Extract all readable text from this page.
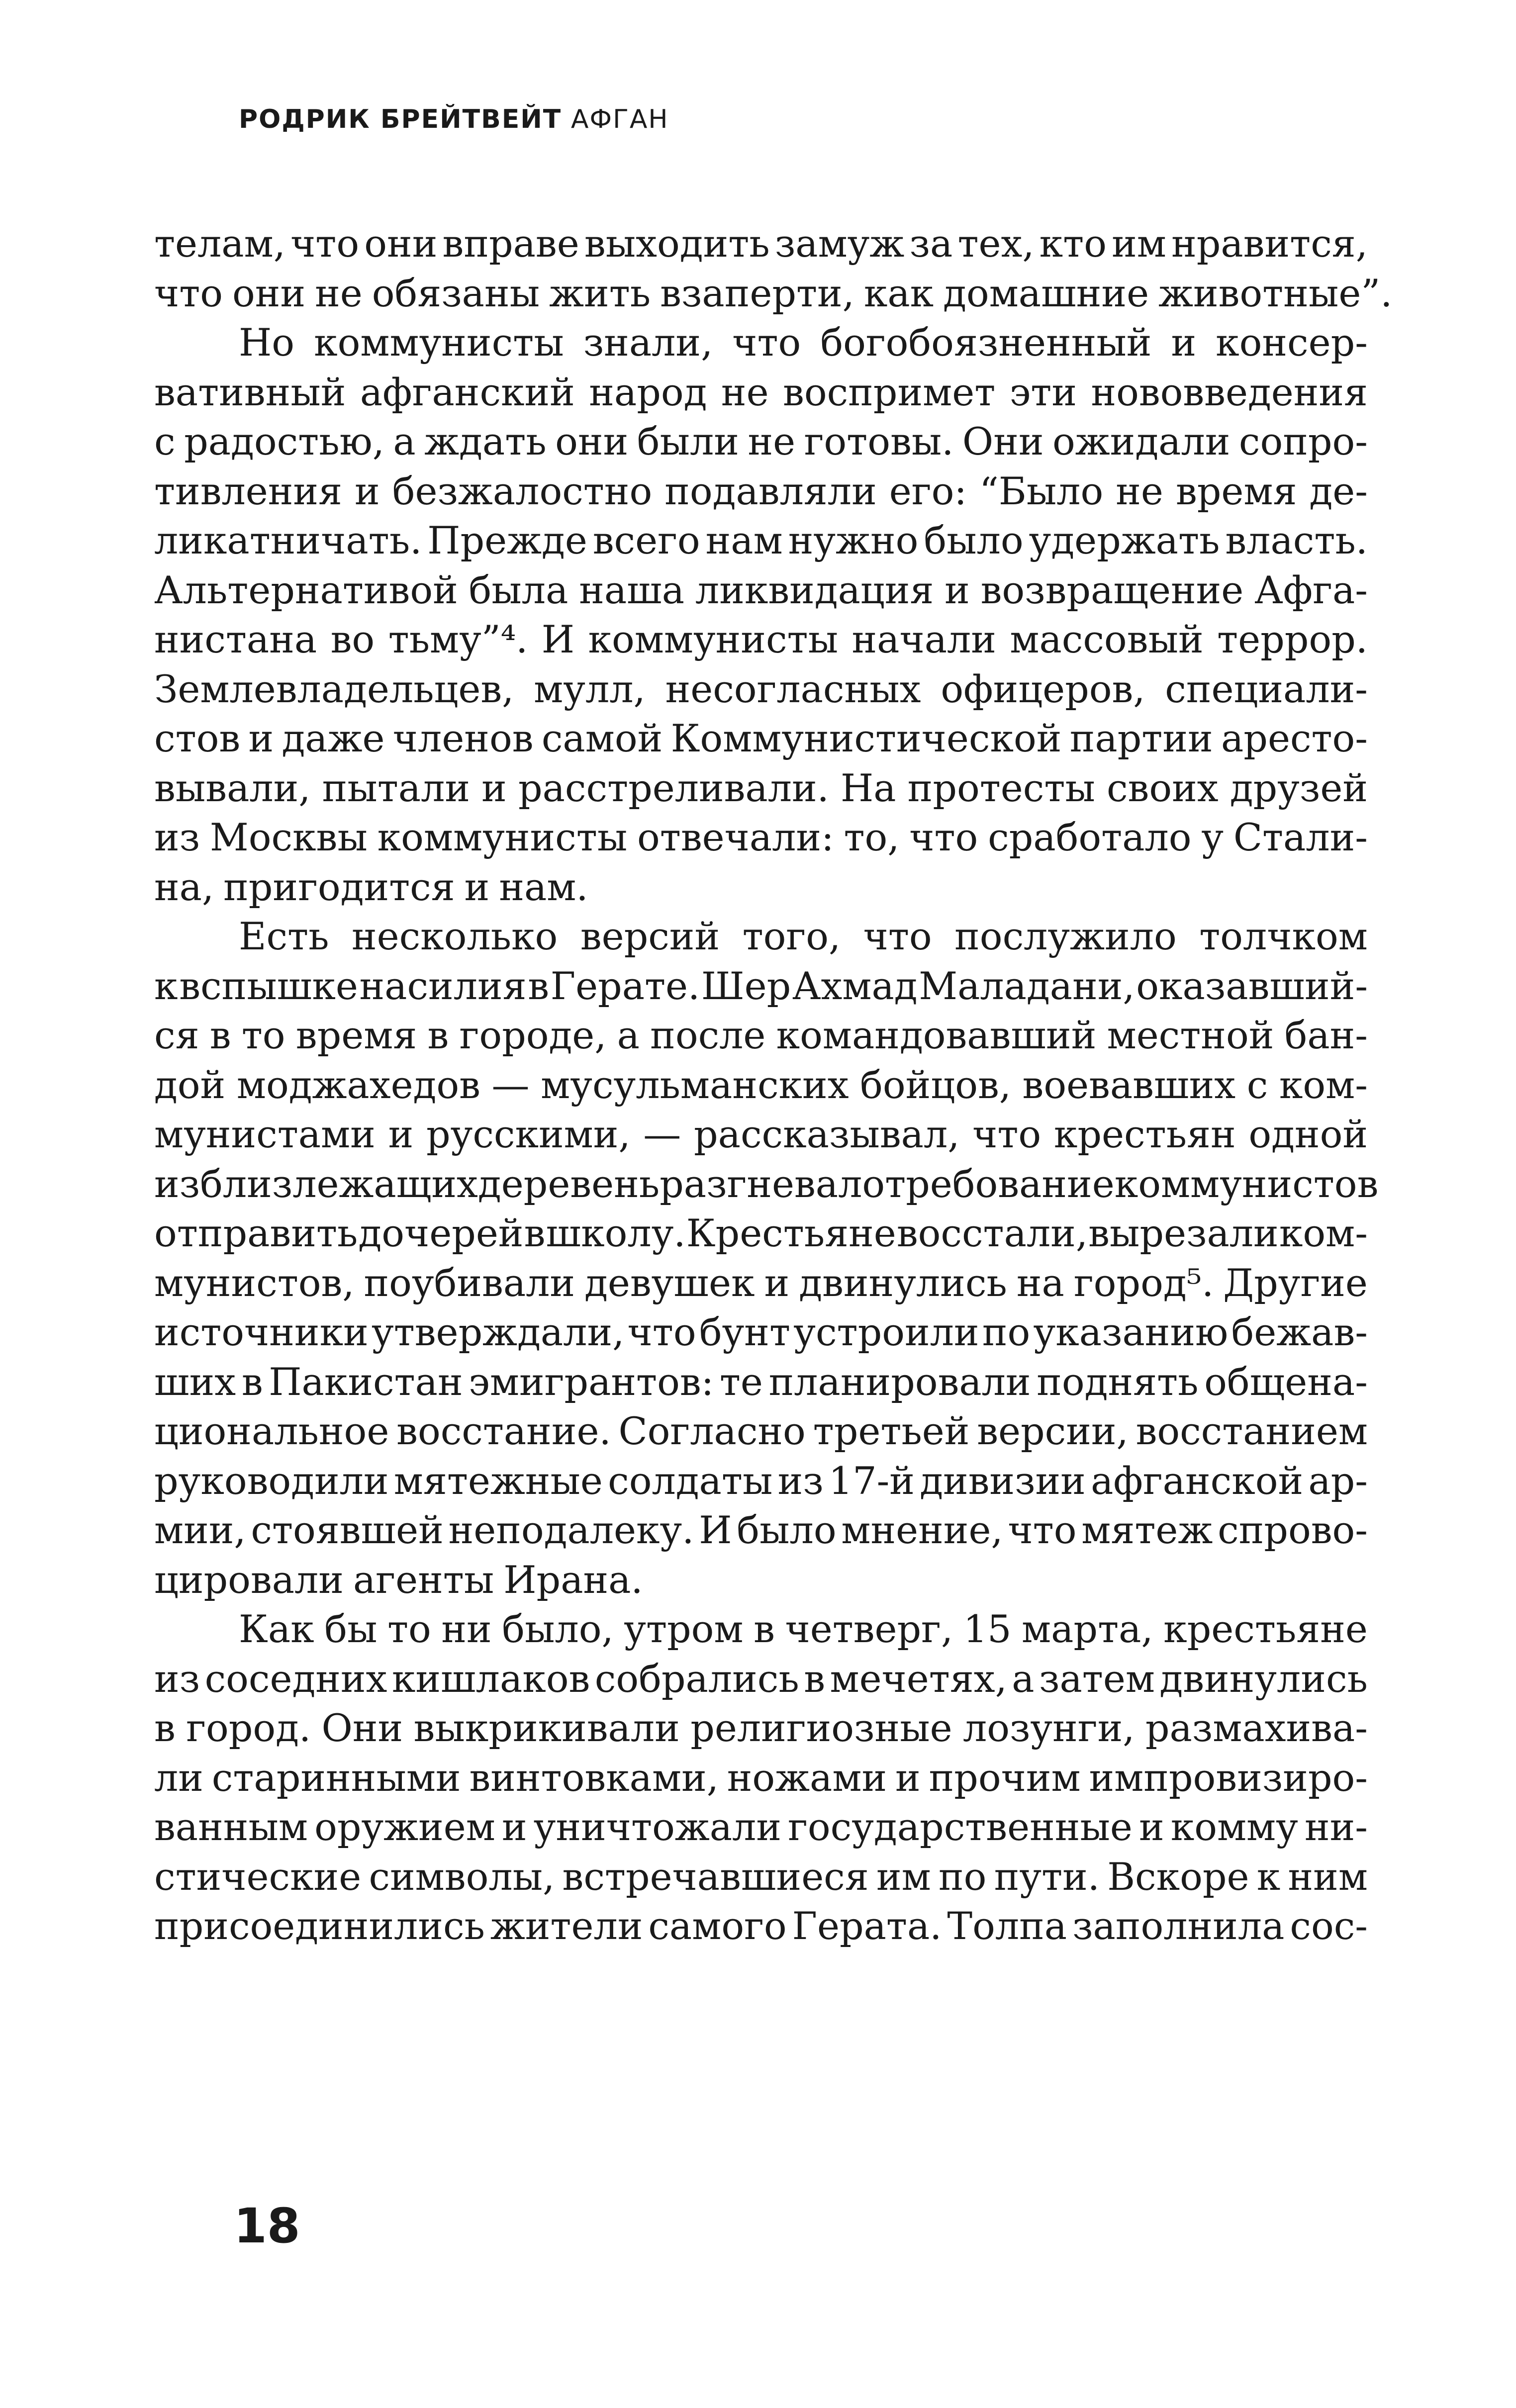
РОДРИК БРЕЙТВЕЙТ АФГАН
телам, что они вправе выходить замуж за тех, кто им нравится,
что они не обязаны жить взаперти, как домашние животные”.
Но коммунисты знали, что богобоязненный и консер-
вативный афганский народ не воспримет эти нововведения
с радостью, а ждать они были не готовы. Они ожидали сопро-
тивления и безжалостно подавляли его: “Было не время де-
ликатничать. Прежде всего нам нужно было удержать власть.
Альтернативой была наша ликвидация и возвращение Афга-
нистана во тьму”⁴. И коммунисты начали массовый террор.
Землевладельцев, мулл, несогласных офицеров, специали-
стов и даже членов самой Коммунистической партии аресто-
вывали, пытали и расстреливали. На протесты своих друзей
из Москвы коммунисты отвечали: то, что сработало у Стали-
на, пригодится и нам.
Есть несколько версий того, что послужило толчком
к вспышке насилия в Герате. Шер Ахмад Маладани, оказавший-
ся в то время в городе, а после командовавший местной бан-
дой моджахедов — мусульманских бойцов, воевавших с ком-
мунистами и русскими, — рассказывал, что крестьян одной
из близлежащих деревень разгневало требование коммунистов
отправить дочерей в школу. Крестьяне восстали, вырезали ком-
мунистов, поубивали девушек и двинулись на город⁵. Другие
источники утверждали, что бунт устроили по указанию бежав-
ших в Пакистан эмигрантов: те планировали поднять общена-
циональное восстание. Согласно третьей версии, восстанием
руководили мятежные солдаты из 17-й дивизии афганской ар-
мии, стоявшей неподалеку. И было мнение, что мятеж спрово-
цировали агенты Ирана.
Как бы то ни было, утром в четверг, 15 марта, крестьяне
из соседних кишлаков собрались в мечетях, а затем двинулись
в город. Они выкрикивали религиозные лозунги, размахива-
ли старинными винтовками, ножами и прочим импровизиро-
ванным оружием и уничтожали государственные и комму ни-
стические символы, встречавшиеся им по пути. Вскоре к ним
присоединились жители самого Герата. Толпа заполнила сос-
18
